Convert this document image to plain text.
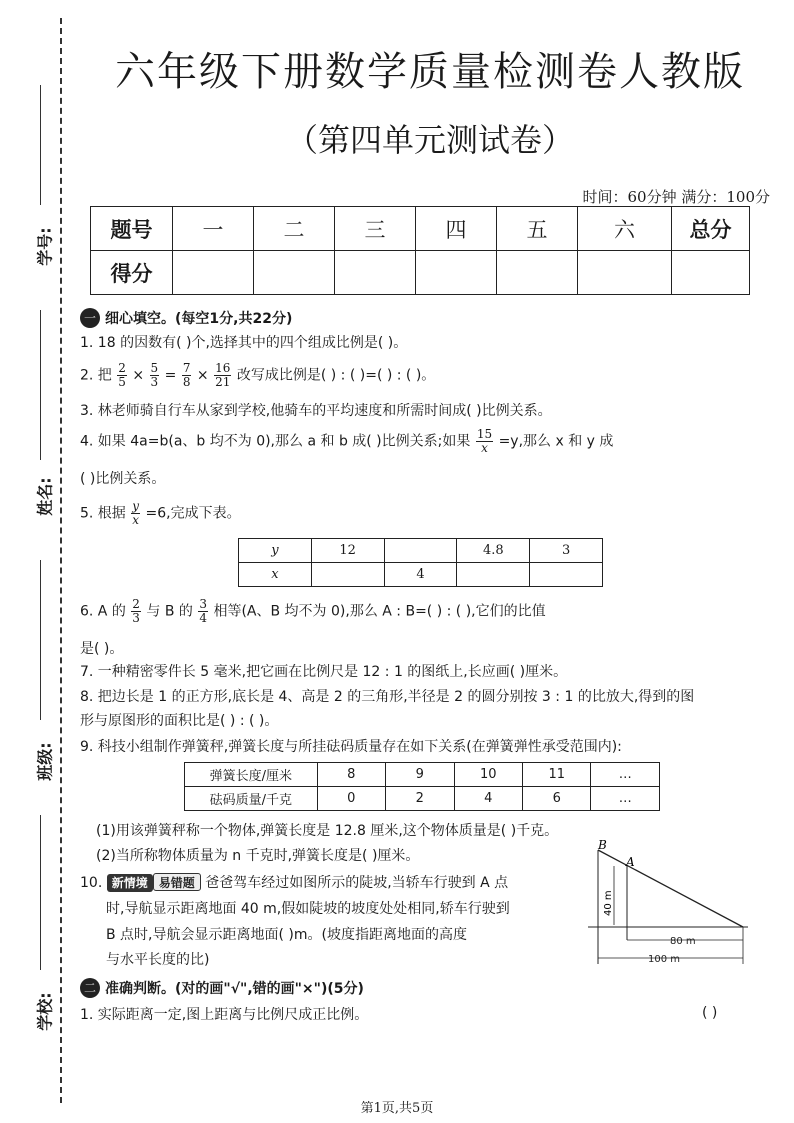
学号:
姓名:
班级:
学校:
六年级下册数学质量检测卷人教版
（第四单元测试卷）
时间：60分钟 满分：100分
题号	一	二	三	四	五	六	总分
得分							
一 细心填空。(每空1分,共22分)
1. 18 的因数有( )个,选择其中的四个组成比例是( )。
2. 把 $\frac{2}{5} \times \frac{5}{3} = \frac{7}{8} \times \frac{16}{21}$ 改写成比例是( ) : ( )=( ) : ( )。
3. 林老师骑自行车从家到学校,他骑车的平均速度和所需时间成( )比例关系。
4. 如果 4a=b(a、b 均不为 0),那么 a 和 b 成( )比例关系;如果 $\frac{15}{x} =y$,那么 x 和 y 成
( )比例关系。
5. 根据 $\frac{y}{x} =6$,完成下表。
y	12		4.8	3
x		4		
6. A 的 $\frac{2}{3}$ 与 B 的 $\frac{3}{4}$ 相等(A、B 均不为 0),那么 A : B=( ) : ( ),它们的比值
是( )。
7. 一种精密零件长 5 毫米,把它画在比例尺是 12 : 1 的图纸上,长应画( )厘米。
8. 把边长是 1 的正方形,底长是 4、高是 2 的三角形,半径是 2 的圆分别按 3 : 1 的比放大,得到的图
形与原图形的面积比是( ) : ( )。
9. 科技小组制作弹簧秤,弹簧长度与所挂砝码质量存在如下关系(在弹簧弹性承受范围内):
弹簧长度/厘米	8	9	10	11	…
砝码质量/千克	0	2	4	6	…
(1)用该弹簧秤称一个物体,弹簧长度是 12.8 厘米,这个物体质量是( )千克。
(2)当所称物体质量为 n 千克时,弹簧长度是( )厘米。
10. 新情境 易错题 爸爸驾车经过如图所示的陡坡,当轿车行驶到 A 点
时,导航显示距离地面 40 m,假如陡坡的坡度处处相同,轿车行驶到
B 点时,导航会显示距离地面( )m。(坡度指距离地面的高度
与水平长度的比)
B
A
40 m
80 m
100 m
二 准确判断。(对的画"√",错的画"×")(5分)
1. 实际距离一定,图上距离与比例尺成正比例。	( )
第1页,共5页
